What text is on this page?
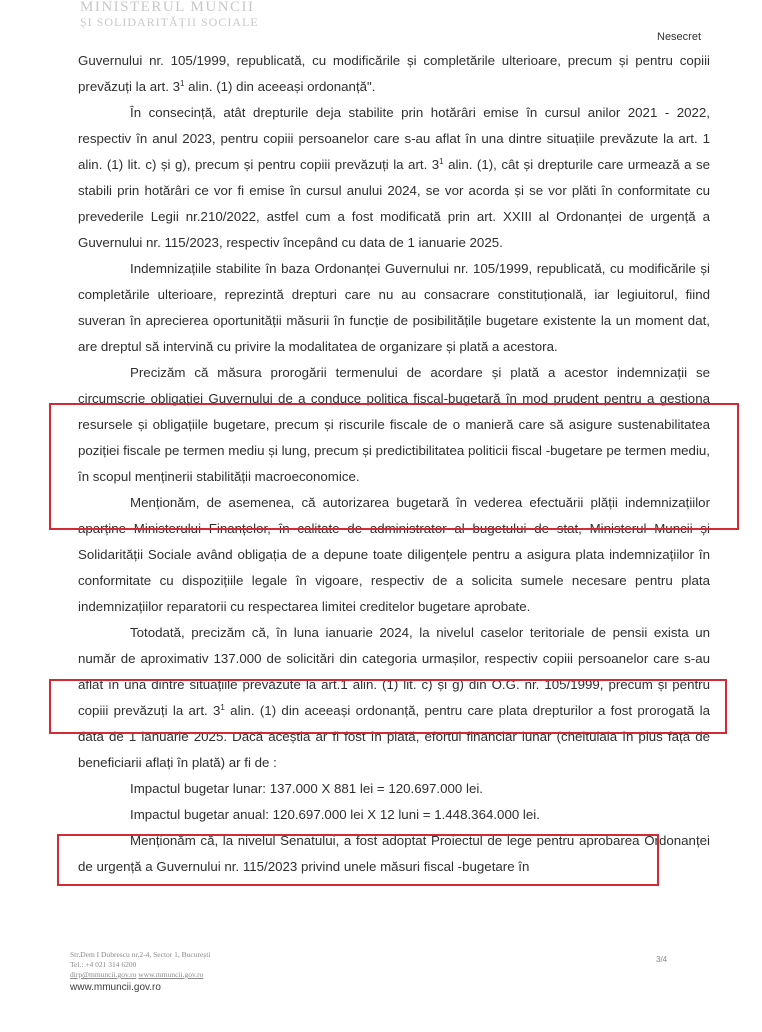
MINISTERUL MUNCII
ȘI SOLIDARITĂȚII SOCIALE
Nesecret

Guvernului nr. 105/1999, republicată, cu modificările și completările ulterioare, precum și pentru copiii prevăzuți la art. $3^1$ alin. (1) din aceeași ordonanță".

În consecință, atât drepturile deja stabilite prin hotărâri emise în cursul anilor 2021 - 2022, respectiv în anul 2023, pentru copiii persoanelor care s-au aflat în una dintre situațiile prevăzute la art. 1 alin. (1) lit. c) și g), precum și pentru copiii prevăzuți la art. $3^1$ alin. (1), cât și drepturile care urmează a se stabili prin hotărâri ce vor fi emise în cursul anului 2024, se vor acorda și se vor plăti în conformitate cu prevederile Legii nr.210/2022, astfel cum a fost modificată prin art. XXIII al Ordonanței de urgență a Guvernului nr. 115/2023, respectiv începând cu data de 1 ianuarie 2025.

Indemnizațiile stabilite în baza Ordonanței Guvernului nr. 105/1999, republicată, cu modificările și completările ulterioare, reprezintă drepturi care nu au consacrare constituțională, iar legiuitorul, fiind suveran în aprecierea oportunității măsurii în funcție de posibilitățile bugetare existente la un moment dat, are dreptul să intervină cu privire la modalitatea de organizare și plată a acestora.

Precizăm că măsura prorogării termenului de acordare și plată a acestor indemnizații se circumscrie obligației Guvernului de a conduce politica fiscal-bugetară în mod prudent pentru a gestiona resursele și obligațiile bugetare, precum și riscurile fiscale de o manieră care să asigure sustenabilitatea poziției fiscale pe termen mediu și lung, precum și predictibilitatea politicii fiscal -bugetare pe termen mediu, în scopul menținerii stabilității macroeconomice.

Menționăm, de asemenea, că autorizarea bugetară în vederea efectuării plății indemnizațiilor aparține Ministerului Finanțelor, în calitate de administrator al bugetului de stat, Ministerul Muncii și Solidarității Sociale având obligația de a depune toate diligențele pentru a asigura plata indemnizațiilor în conformitate cu dispozițiile legale în vigoare, respectiv de a solicita sumele necesare pentru plata indemnizațiilor reparatorii cu respectarea limitei creditelor bugetare aprobate.

Totodată, precizăm că, în luna ianuarie 2024, la nivelul caselor teritoriale de pensii exista un număr de aproximativ 137.000 de solicitări din categoria urmașilor, respectiv copiii persoanelor care s-au aflat în una dintre situațiile prevăzute la art.1 alin. (1) lit. c) și g) din O.G. nr. 105/1999, precum și pentru copiii prevăzuți la art. $3^1$ alin. (1) din aceeași ordonanță, pentru care plata drepturilor a fost prorogată la data de 1 ianuarie 2025. Dacă aceștia ar fi fost în plată, efortul financiar lunar (cheltuiala în plus față de beneficiarii aflați în plată) ar fi de :

Impactul bugetar lunar: 137.000 X 881 lei = 120.697.000 lei.

Impactul bugetar anual: 120.697.000 lei X 12 luni = 1.448.364.000 lei.

Menționăm că, la nivelul Senatului, a fost adoptat Proiectul de lege pentru aprobarea Ordonanței de urgență a Guvernului nr. 115/2023 privind unele măsuri fiscal -bugetare în

Str.Dem I Dobrescu nr.2-4, Sector 1, București
Tel.: +4 021 314 6200
dirp@mmuncii.gov.ro www.mmuncii.gov.ro
www.mmuncii.gov.ro
3/4
